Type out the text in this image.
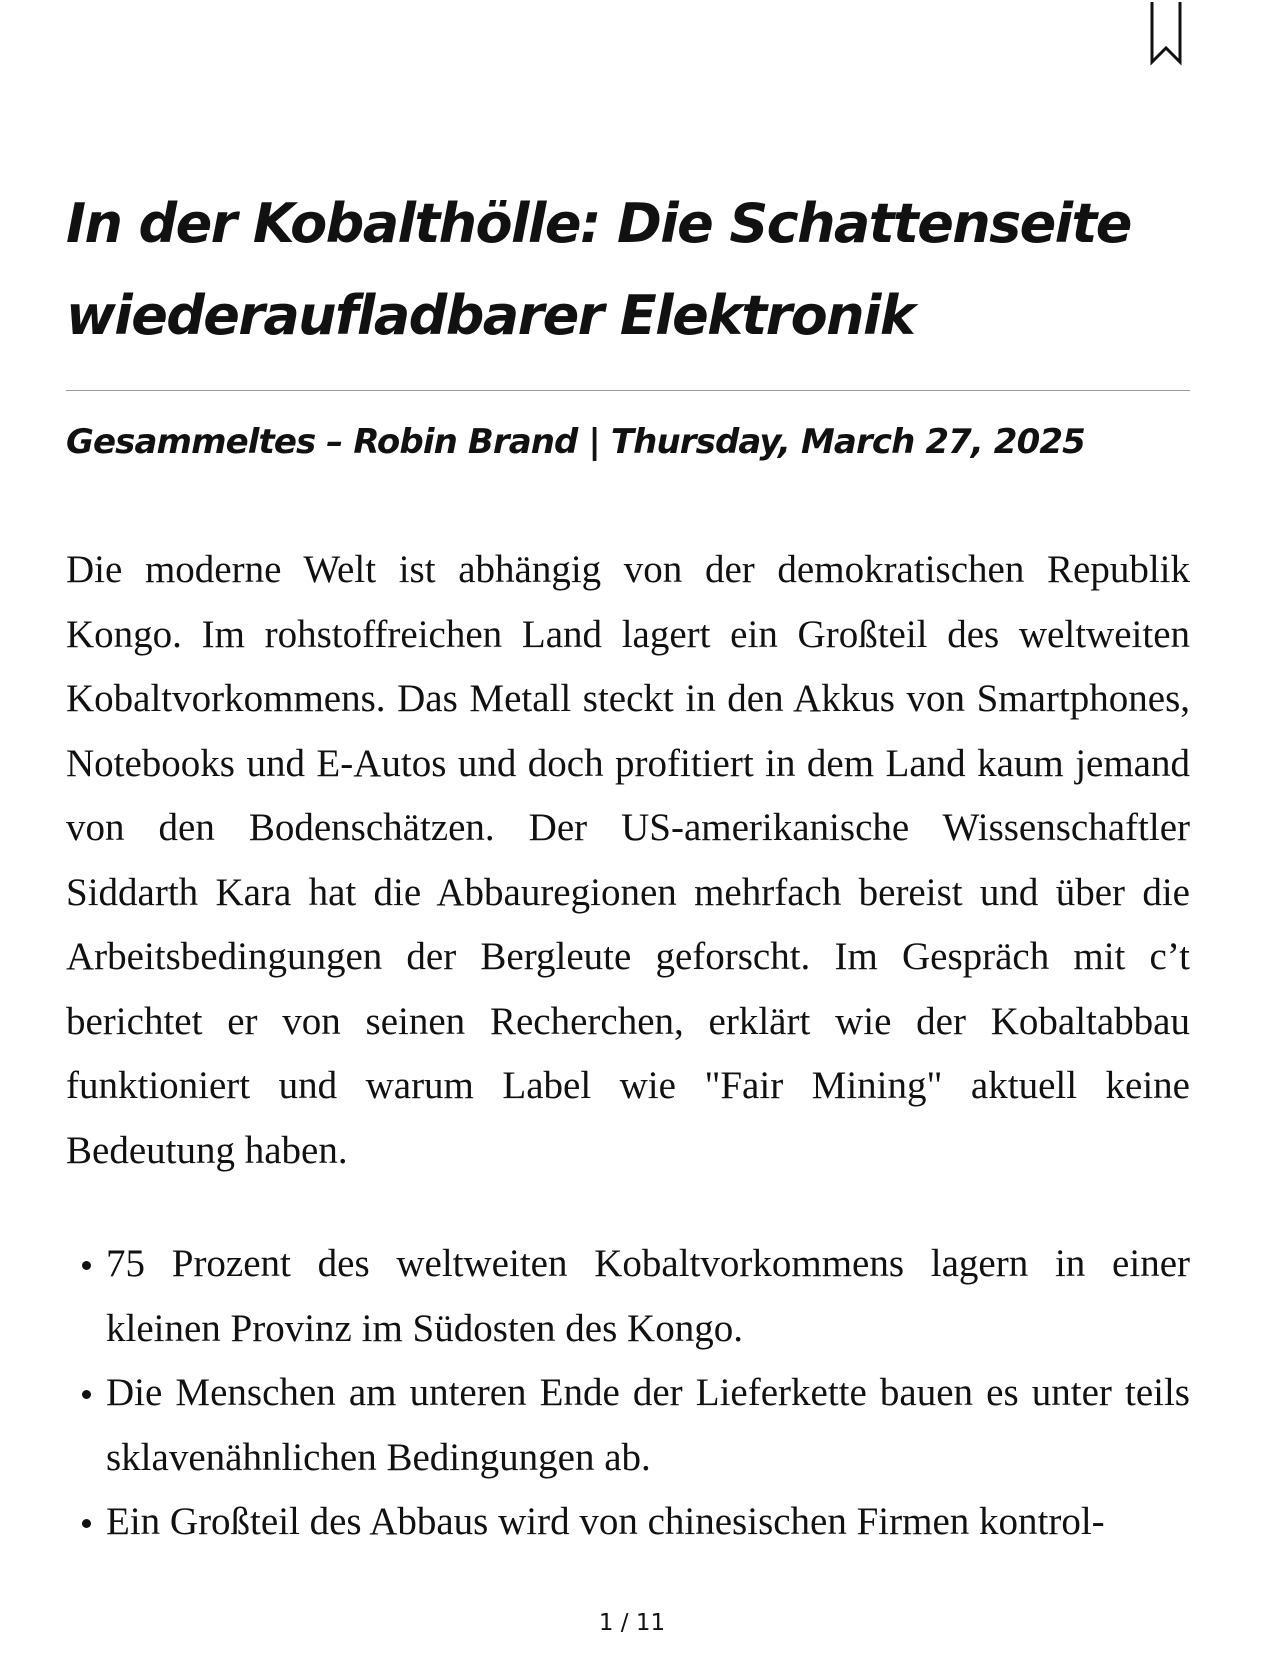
In der Kobalthölle: Die Schattenseite wiederaufladbarer Elektronik

Gesammeltes – Robin Brand | Thursday, March 27, 2025

Die moderne Welt ist abhängig von der demokratischen Republik Kongo. Im rohstoffreichen Land lagert ein Großteil des weltweiten Kobaltvorkommens. Das Metall steckt in den Akkus von Smartphones, Notebooks und E-Autos und doch profitiert in dem Land kaum jemand von den Bodenschätzen. Der US-amerikanische Wissenschaftler Siddarth Kara hat die Abbauregionen mehrfach bereist und über die Arbeitsbedingungen der Bergleute geforscht. Im Gespräch mit c’t berichtet er von seinen Recherchen, erklärt wie der Kobaltabbau funktioniert und warum Label wie "Fair Mining" aktuell keine Bedeutung haben.

75 Prozent des weltweiten Kobaltvorkommens lagern in einer kleinen Provinz im Südosten des Kongo.
Die Menschen am unteren Ende der Lieferkette bauen es unter teils sklavenähnlichen Bedingungen ab.
Ein Großteil des Abbaus wird von chinesischen Firmen kontrol-
1 / 11
